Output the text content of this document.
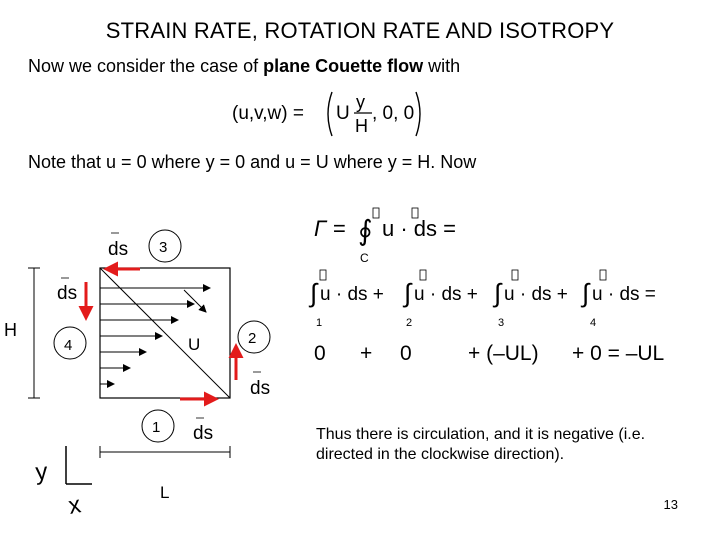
STRAIN RATE, ROTATION RATE AND ISOTROPY
Now we consider the case of plane Couette flow with
(u,v,w) = U
y
H
, 0, 0
Note that u = 0 where y = 0 and u = U where y = H. Now
H
L
U
3
2
4
1
ds
ds
ds
ds
y
x
Γ = ∮ u · ds =
C
∫ u · ds +
1
∫ u · ds +
2
∫ u · ds +
3
∫ u · ds =
4
0 + 0	+ (–UL) + 0 = –UL
Thus there is circulation, and it is negative (i.e. directed in the clockwise direction).
13
